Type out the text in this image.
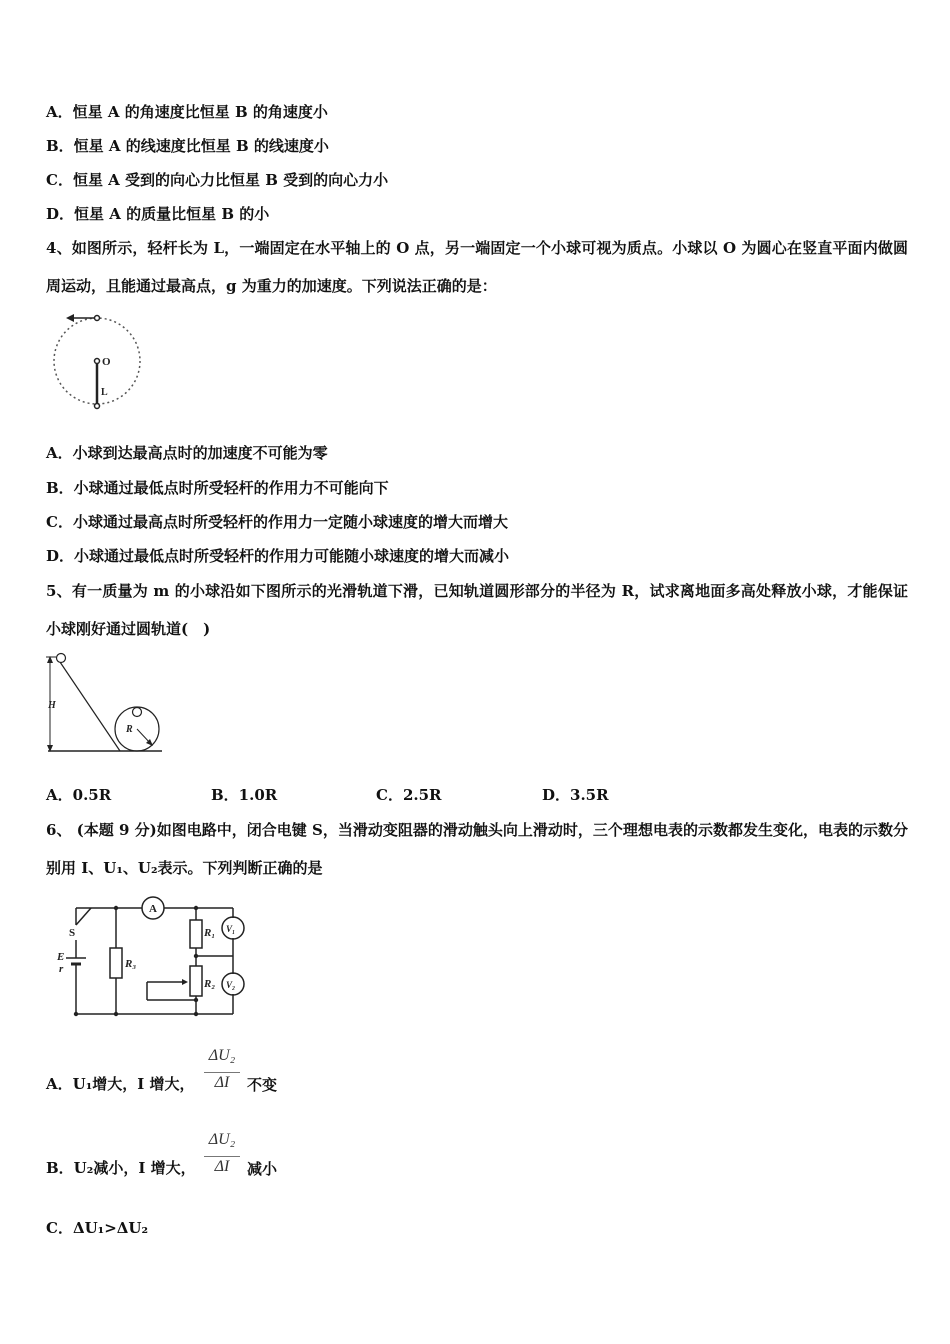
A．恒星 A 的角速度比恒星 B 的角速度小
B．恒星 A 的线速度比恒星 B 的线速度小
C．恒星 A 受到的向心力比恒星 B 受到的向心力小
D．恒星 A 的质量比恒星 B 的小
4、如图所示，轻杆长为 L，一端固定在水平轴上的 O 点，另一端固定一个小球可视为质点。小球以 O 为圆心在竖直平面内做圆周运动，且能通过最高点，g 为重力的加速度。下列说法正确的是：
O
L
A．小球到达最高点时的加速度不可能为零
B．小球通过最低点时所受轻杆的作用力不可能向下
C．小球通过最高点时所受轻杆的作用力一定随小球速度的增大而增大
D．小球通过最低点时所受轻杆的作用力可能随小球速度的增大而减小
5、有一质量为 m 的小球沿如下图所示的光滑轨道下滑，已知轨道圆形部分的半径为 R，试求离地面多高处释放小球，才能保证小球刚好通过圆轨道(　)
H
R
A．0.5R	B．1.0R	C．2.5R	D．3.5R
6、 (本题 9 分)如图电路中，闭合电键 S，当滑动变阻器的滑动触头向上滑动时，三个理想电表的示数都发生变化，电表的示数分别用 I、U₁、U₂表示。下列判断正确的是
A
S
E
r	R₃
R₁
R₂
V₁
V₂
A．U₁增大，I 增大，
ΔU₂
ΔI	不变
B．U₂减小，I 增大，
ΔU₂
ΔI	减小
C．ΔU₁>ΔU₂
